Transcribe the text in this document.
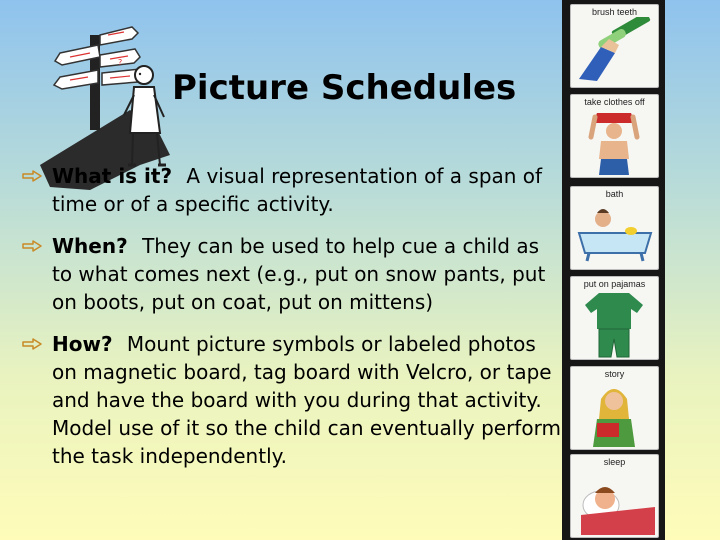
?
Picture Schedules
What is it? A visual representation of a span of time or of a specific activity.
When? They can be used to help cue a child as to what comes next (e.g., put on snow pants, put on boots, put on coat, put on mittens)
How? Mount picture symbols or labeled photos on magnetic board, tag board with Velcro, or tape and have the board with you during that activity. Model use of it so the child can eventually perform the task independently.
brush teeth
take clothes off
bath
put on pajamas
story
sleep
